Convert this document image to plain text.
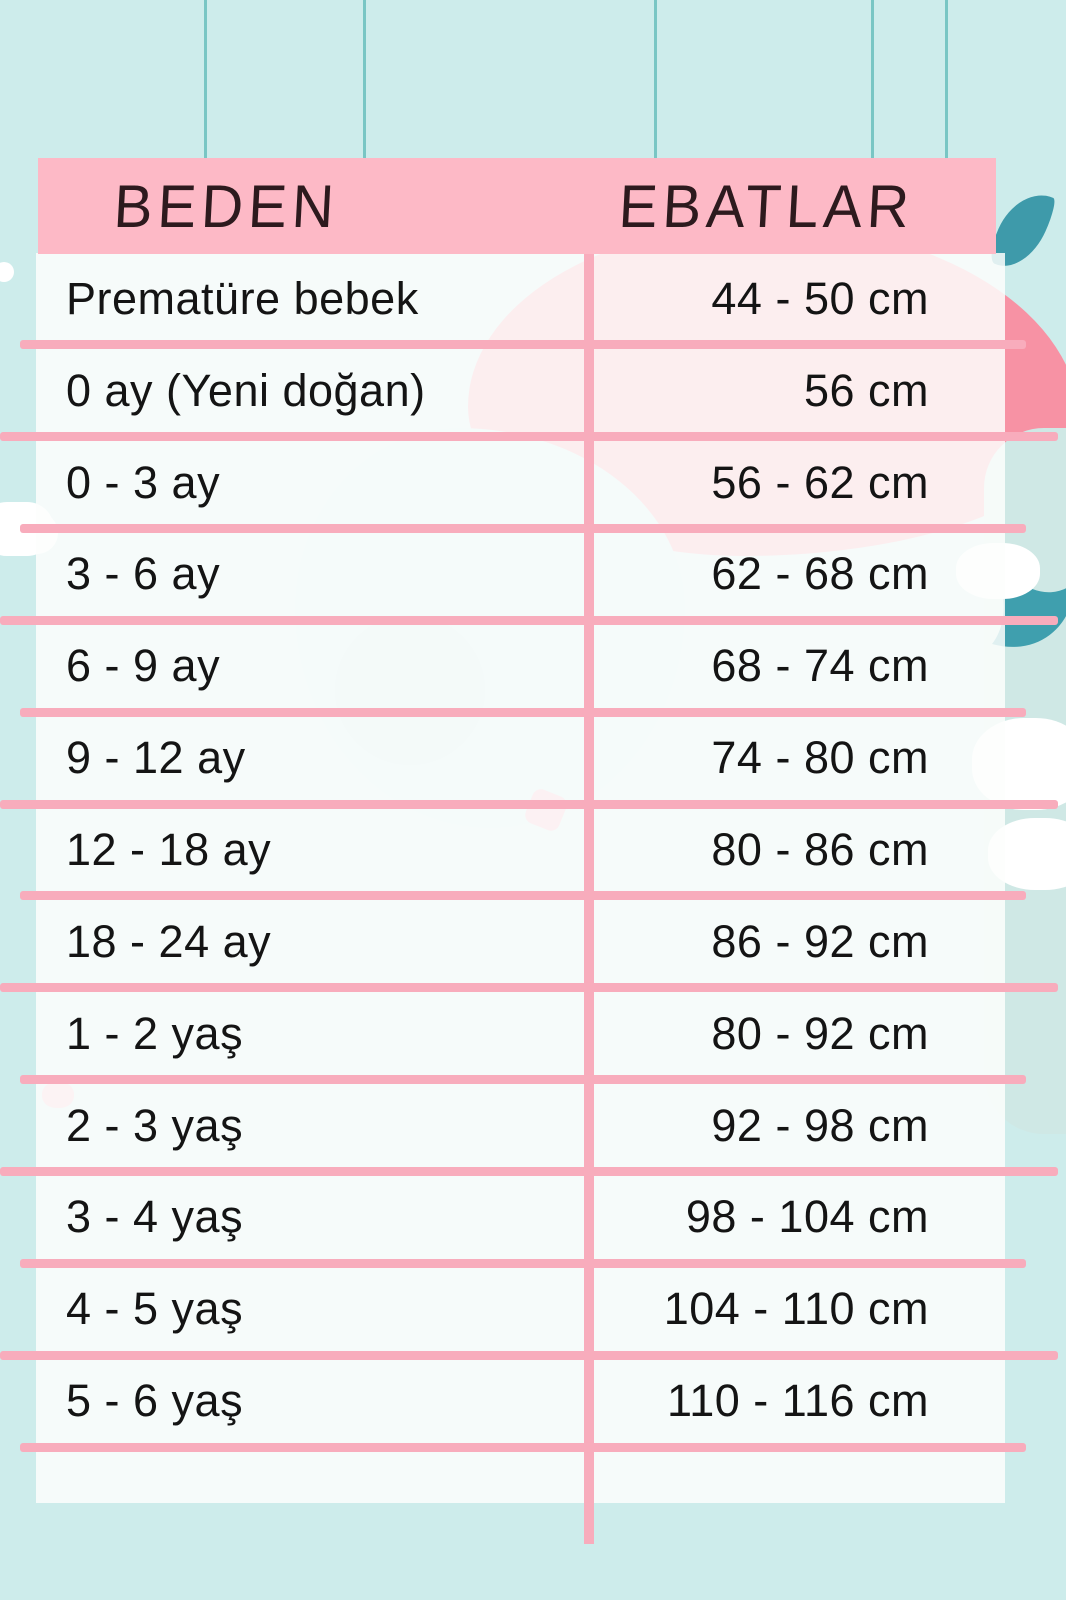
Prematüre bebek	44 - 50 cm
0 ay (Yeni doğan)	56 cm
0 - 3 ay	56 - 62 cm
3 - 6 ay	62 - 68 cm
6 - 9 ay	68 - 74 cm
9 - 12 ay	74 - 80 cm
12 - 18 ay	80 - 86 cm
18 - 24 ay	86 - 92 cm
1 - 2 yaş	80 - 92 cm
2 - 3 yaş	92 - 98 cm
3 - 4 yaş	98 - 104 cm
4 - 5 yaş	104 - 110 cm
5 - 6 yaş	110 - 116 cm
BEDEN	EBATLAR
